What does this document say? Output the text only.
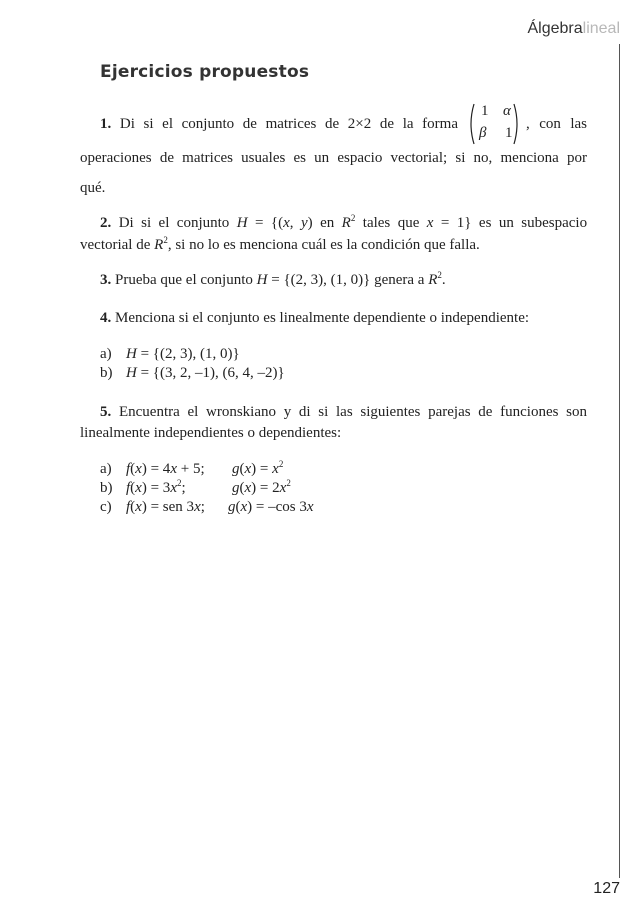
Álgebralineal
Ejercicios propuestos
1. Di si el conjunto de matrices de 2×2 de la forma
1 α
β 1
, con las
operaciones de matrices usuales es un espacio vectorial; si no, menciona por
qué.
2. Di si el conjunto H = {(x, y) en $R^2$ tales que x = 1} es un subespacio
vectorial de $R^2$, si no lo es menciona cuál es la condición que falla.
3. Prueba que el conjunto H = {(2, 3), (1, 0)} genera a $R^2$.
4. Menciona si el conjunto es linealmente dependiente o independiente:
a) H = {(2, 3), (1, 0)}
b) H = {(3, 2, –1), (6, 4, –2)}
5. Encuentra el wronskiano y di si las siguientes parejas de funciones son
linealmente independientes o dependientes:
a) f(x) = 4x + 5; $g(x) = x^2$
b) $f(x) = 3x^2$;	$g(x) = 2x^2$
c) f(x) = sen 3x; g(x) = –cos 3x
127
